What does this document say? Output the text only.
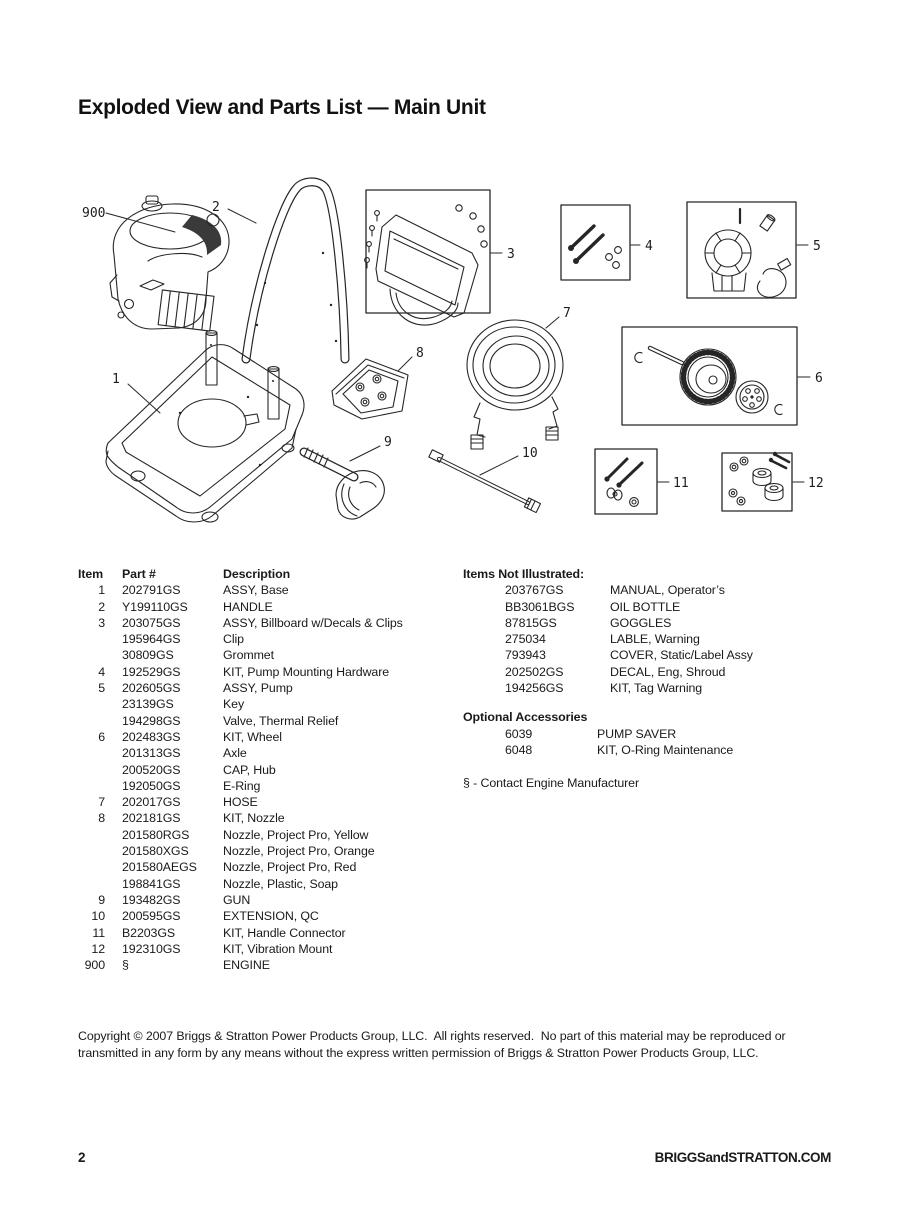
Exploded View and Parts List — Main Unit
900	2
3
4	5
7
8
1	6
9
10
11	12
Item	Part #	Description
1	202791GS	ASSY, Base
2	Y199110GS	HANDLE
3	203075GS	ASSY, Billboard w/Decals & Clips
195964GS	Clip
30809GS	Grommet
4	192529GS	KIT, Pump Mounting Hardware
5	202605GS	ASSY, Pump
23139GS	Key
194298GS	Valve, Thermal Relief
6	202483GS	KIT, Wheel
201313GS	Axle
200520GS	CAP, Hub
192050GS	E-Ring
7	202017GS	HOSE
8	202181GS	KIT, Nozzle
201580RGS	Nozzle, Project Pro, Yellow
201580XGS	Nozzle, Project Pro, Orange
201580AEGS	Nozzle, Project Pro, Red
198841GS	Nozzle, Plastic, Soap
9	193482GS	GUN
10	200595GS	EXTENSION, QC
11	B2203GS	KIT, Handle Connector
12	192310GS	KIT, Vibration Mount
900	§	ENGINE
Items Not Illustrated:
203767GS	MANUAL, Operator’s
BB3061BGS	OIL BOTTLE
87815GS	GOGGLES
275034	LABLE, Warning
793943	COVER, Static/Label Assy
202502GS	DECAL, Eng, Shroud
194256GS	KIT, Tag Warning
Optional Accessories
6039	PUMP SAVER
6048	KIT, O-Ring Maintenance
§ - Contact Engine Manufacturer

Copyright © 2007 Briggs & Stratton Power Products Group, LLC.  All rights reserved.  No part of this material may be reproduced or transmitted in any form by any means without the express written permission of Briggs & Stratton Power Products Group, LLC.

2	BRIGGSandSTRATTON.COM
